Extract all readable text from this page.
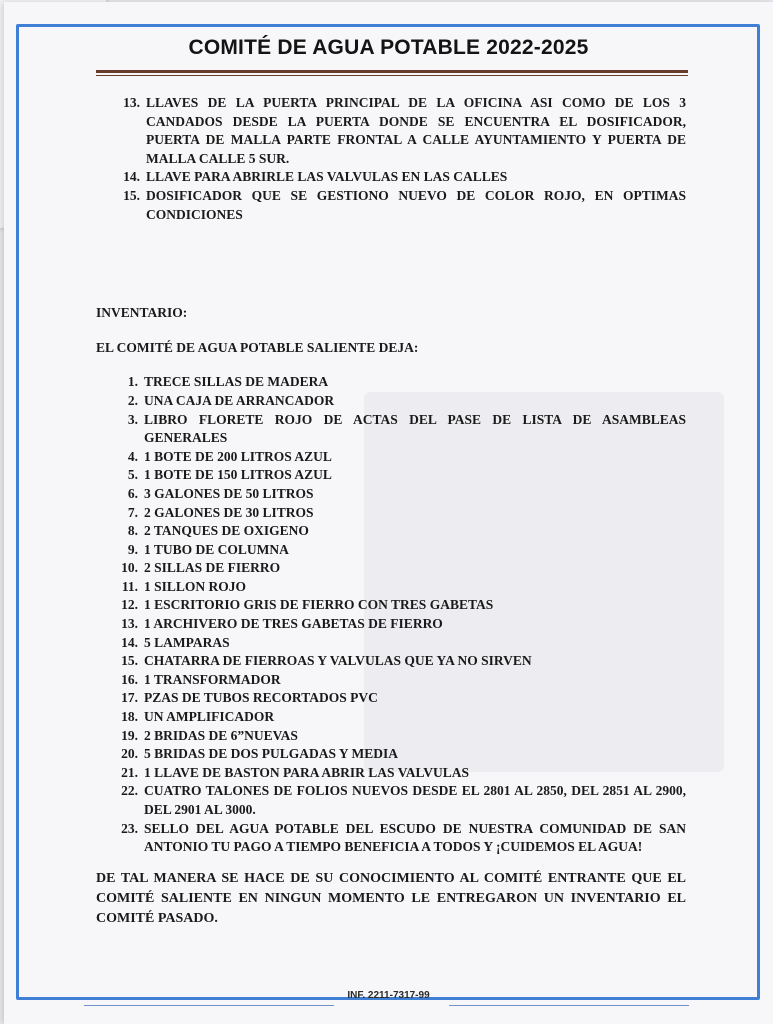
COMITÉ DE AGUA POTABLE 2022-2025
13. LLAVES DE LA PUERTA PRINCIPAL DE LA OFICINA ASI COMO DE LOS 3 CANDADOS DESDE LA PUERTA DONDE SE ENCUENTRA EL DOSIFICADOR, PUERTA DE MALLA PARTE FRONTAL A CALLE AYUNTAMIENTO Y PUERTA DE MALLA CALLE 5 SUR.
14. LLAVE PARA ABRIRLE LAS VALVULAS EN LAS CALLES
15. DOSIFICADOR QUE SE GESTIONO NUEVO DE COLOR ROJO, EN OPTIMAS CONDICIONES
INVENTARIO:
EL COMITÉ DE AGUA POTABLE SALIENTE DEJA:
1. TRECE SILLAS DE MADERA
2. UNA CAJA DE ARRANCADOR
3. LIBRO FLORETE ROJO DE ACTAS DEL PASE DE LISTA DE ASAMBLEAS GENERALES
4. 1 BOTE DE 200 LITROS AZUL
5. 1 BOTE DE 150 LITROS AZUL
6. 3 GALONES DE 50 LITROS
7. 2 GALONES DE 30 LITROS
8. 2 TANQUES DE OXIGENO
9. 1 TUBO DE COLUMNA
10. 2 SILLAS DE FIERRO
11. 1 SILLON ROJO
12. 1 ESCRITORIO GRIS DE FIERRO CON TRES GABETAS
13. 1 ARCHIVERO DE TRES GABETAS DE FIERRO
14. 5 LAMPARAS
15. CHATARRA DE FIERROAS Y VALVULAS QUE YA NO SIRVEN
16. 1 TRANSFORMADOR
17. PZAS DE TUBOS RECORTADOS PVC
18. UN AMPLIFICADOR
19. 2 BRIDAS DE 6”NUEVAS
20. 5 BRIDAS DE DOS PULGADAS Y MEDIA
21. 1 LLAVE DE BASTON PARA ABRIR LAS VALVULAS
22. CUATRO TALONES DE FOLIOS NUEVOS DESDE EL 2801 AL 2850, DEL 2851 AL 2900, DEL 2901 AL 3000.
23. SELLO DEL AGUA POTABLE DEL ESCUDO DE NUESTRA COMUNIDAD DE SAN ANTONIO TU PAGO A TIEMPO BENEFICIA A TODOS Y ¡CUIDEMOS EL AGUA!

DE TAL MANERA SE HACE DE SU CONOCIMIENTO AL COMITÉ ENTRANTE QUE EL COMITÉ SALIENTE EN NINGUN MOMENTO LE ENTREGARON UN INVENTARIO EL COMITÉ PASADO.

INF. 2211-7317-99
